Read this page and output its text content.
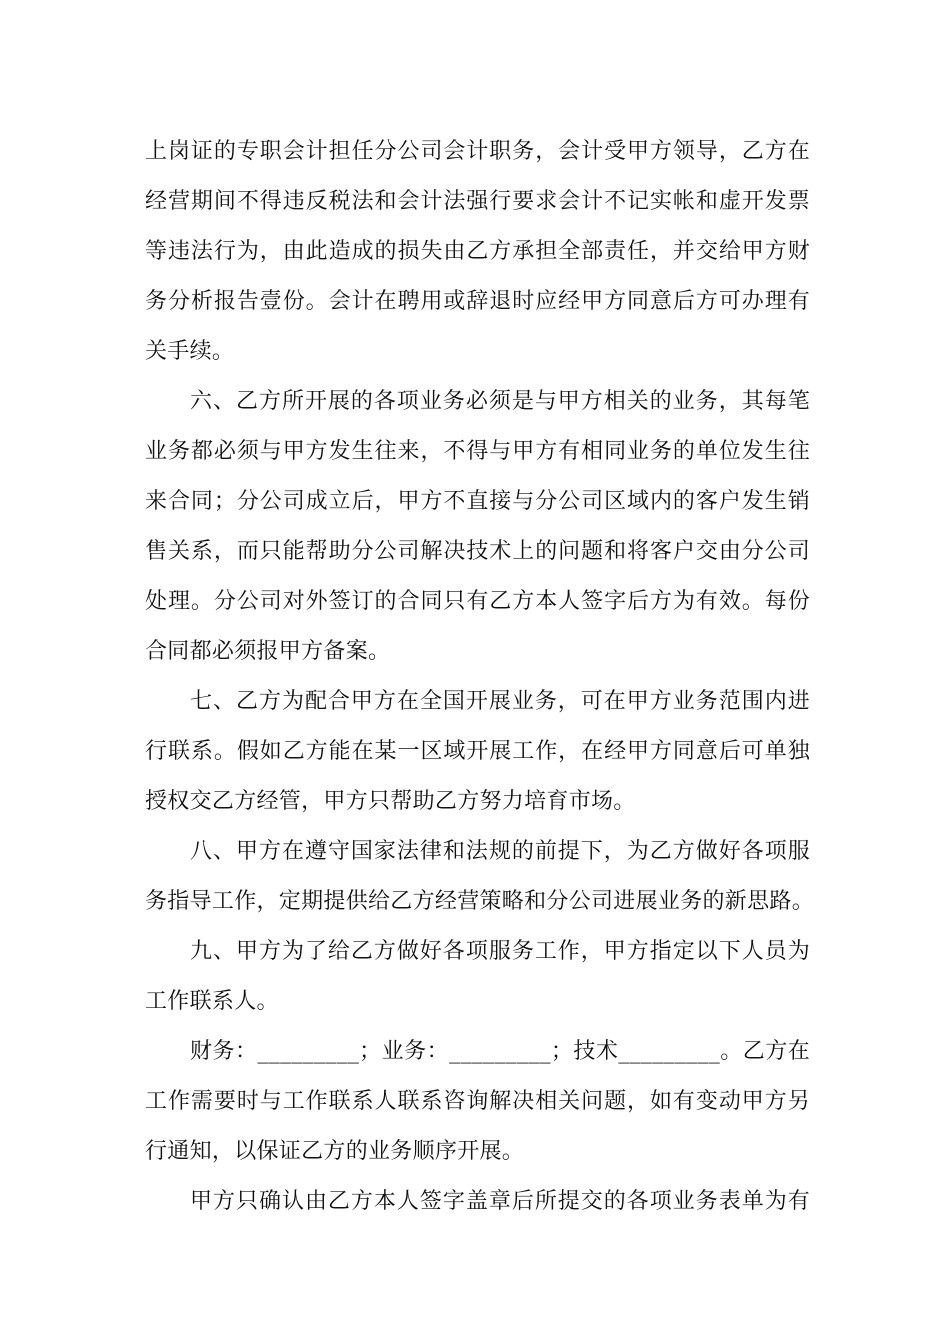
上岗证的专职会计担任分公司会计职务，会计受甲方领导，乙方在
经营期间不得违反税法和会计法强行要求会计不记实帐和虚开发票
等违法行为，由此造成的损失由乙方承担全部责任，并交给甲方财
务分析报告壹份。会计在聘用或辞退时应经甲方同意后方可办理有
关手续。
六、乙方所开展的各项业务必须是与甲方相关的业务，其每笔
业务都必须与甲方发生往来，不得与甲方有相同业务的单位发生往
来合同；分公司成立后，甲方不直接与分公司区域内的客户发生销
售关系，而只能帮助分公司解决技术上的问题和将客户交由分公司
处理。分公司对外签订的合同只有乙方本人签字后方为有效。每份
合同都必须报甲方备案。
七、乙方为配合甲方在全国开展业务，可在甲方业务范围内进
行联系。假如乙方能在某一区域开展工作，在经甲方同意后可单独
授权交乙方经管，甲方只帮助乙方努力培育市场。
八、甲方在遵守国家法律和法规的前提下，为乙方做好各项服
务指导工作，定期提供给乙方经营策略和分公司进展业务的新思路。
九、甲方为了给乙方做好各项服务工作，甲方指定以下人员为
工作联系人。
财务：_________；业务：_________；技术_________。乙方在
工作需要时与工作联系人联系咨询解决相关问题，如有变动甲方另
行通知，以保证乙方的业务顺序开展。
甲方只确认由乙方本人签字盖章后所提交的各项业务表单为有
